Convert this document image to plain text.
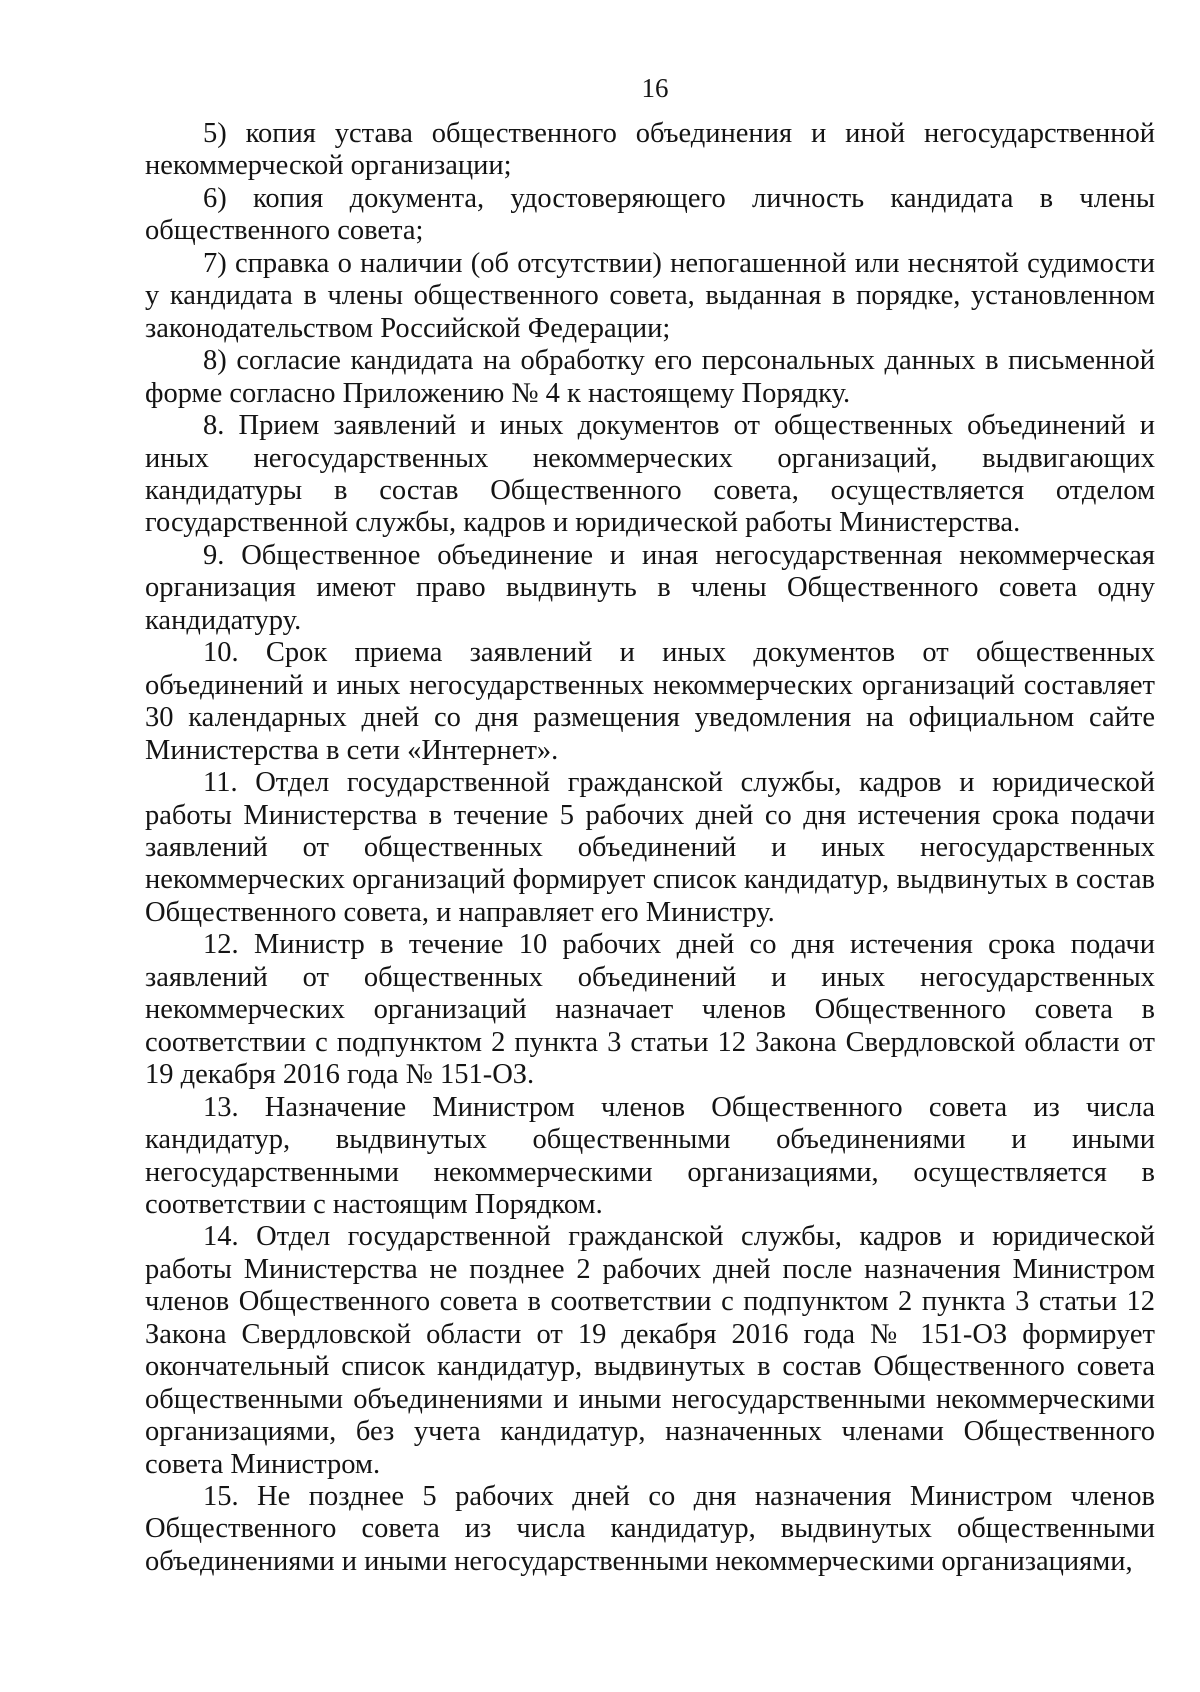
16

5) копия устава общественного объединения и иной негосударственной некоммерческой организации;

6) копия документа, удостоверяющего личность кандидата в члены общественного совета;

7) справка о наличии (об отсутствии) непогашенной или неснятой судимости у кандидата в члены общественного совета, выданная в порядке, установленном законодательством Российской Федерации;

8) согласие кандидата на обработку его персональных данных в письменной форме согласно Приложению № 4 к настоящему Порядку.

8. Прием заявлений и иных документов от общественных объединений и иных негосударственных некоммерческих организаций, выдвигающих кандидатуры в состав Общественного совета, осуществляется отделом государственной службы, кадров и юридической работы Министерства.

9. Общественное объединение и иная негосударственная некоммерческая организация имеют право выдвинуть в члены Общественного совета одну кандидатуру.

10. Срок приема заявлений и иных документов от общественных объединений и иных негосударственных некоммерческих организаций составляет 30 календарных дней со дня размещения уведомления на официальном сайте Министерства в сети «Интернет».

11. Отдел государственной гражданской службы, кадров и юридической работы Министерства в течение 5 рабочих дней со дня истечения срока подачи заявлений от общественных объединений и иных негосударственных некоммерческих организаций формирует список кандидатур, выдвинутых в состав Общественного совета, и направляет его Министру.

12. Министр в течение 10 рабочих дней со дня истечения срока подачи заявлений от общественных объединений и иных негосударственных некоммерческих организаций назначает членов Общественного совета в соответствии с подпунктом 2 пункта 3 статьи 12 Закона Свердловской области от 19 декабря 2016 года № 151-ОЗ.

13. Назначение Министром членов Общественного совета из числа кандидатур, выдвинутых общественными объединениями и иными негосударственными некоммерческими организациями, осуществляется в соответствии с настоящим Порядком.

14. Отдел государственной гражданской службы, кадров и юридической работы Министерства не позднее 2 рабочих дней после назначения Министром членов Общественного совета в соответствии с подпунктом 2 пункта 3 статьи 12 Закона Свердловской области от 19 декабря 2016 года № 151-ОЗ формирует окончательный список кандидатур, выдвинутых в состав Общественного совета общественными объединениями и иными негосударственными некоммерческими организациями, без учета кандидатур, назначенных членами Общественного совета Министром.

15. Не позднее 5 рабочих дней со дня назначения Министром членов Общественного совета из числа кандидатур, выдвинутых общественными объединениями и иными негосударственными некоммерческими организациями,
